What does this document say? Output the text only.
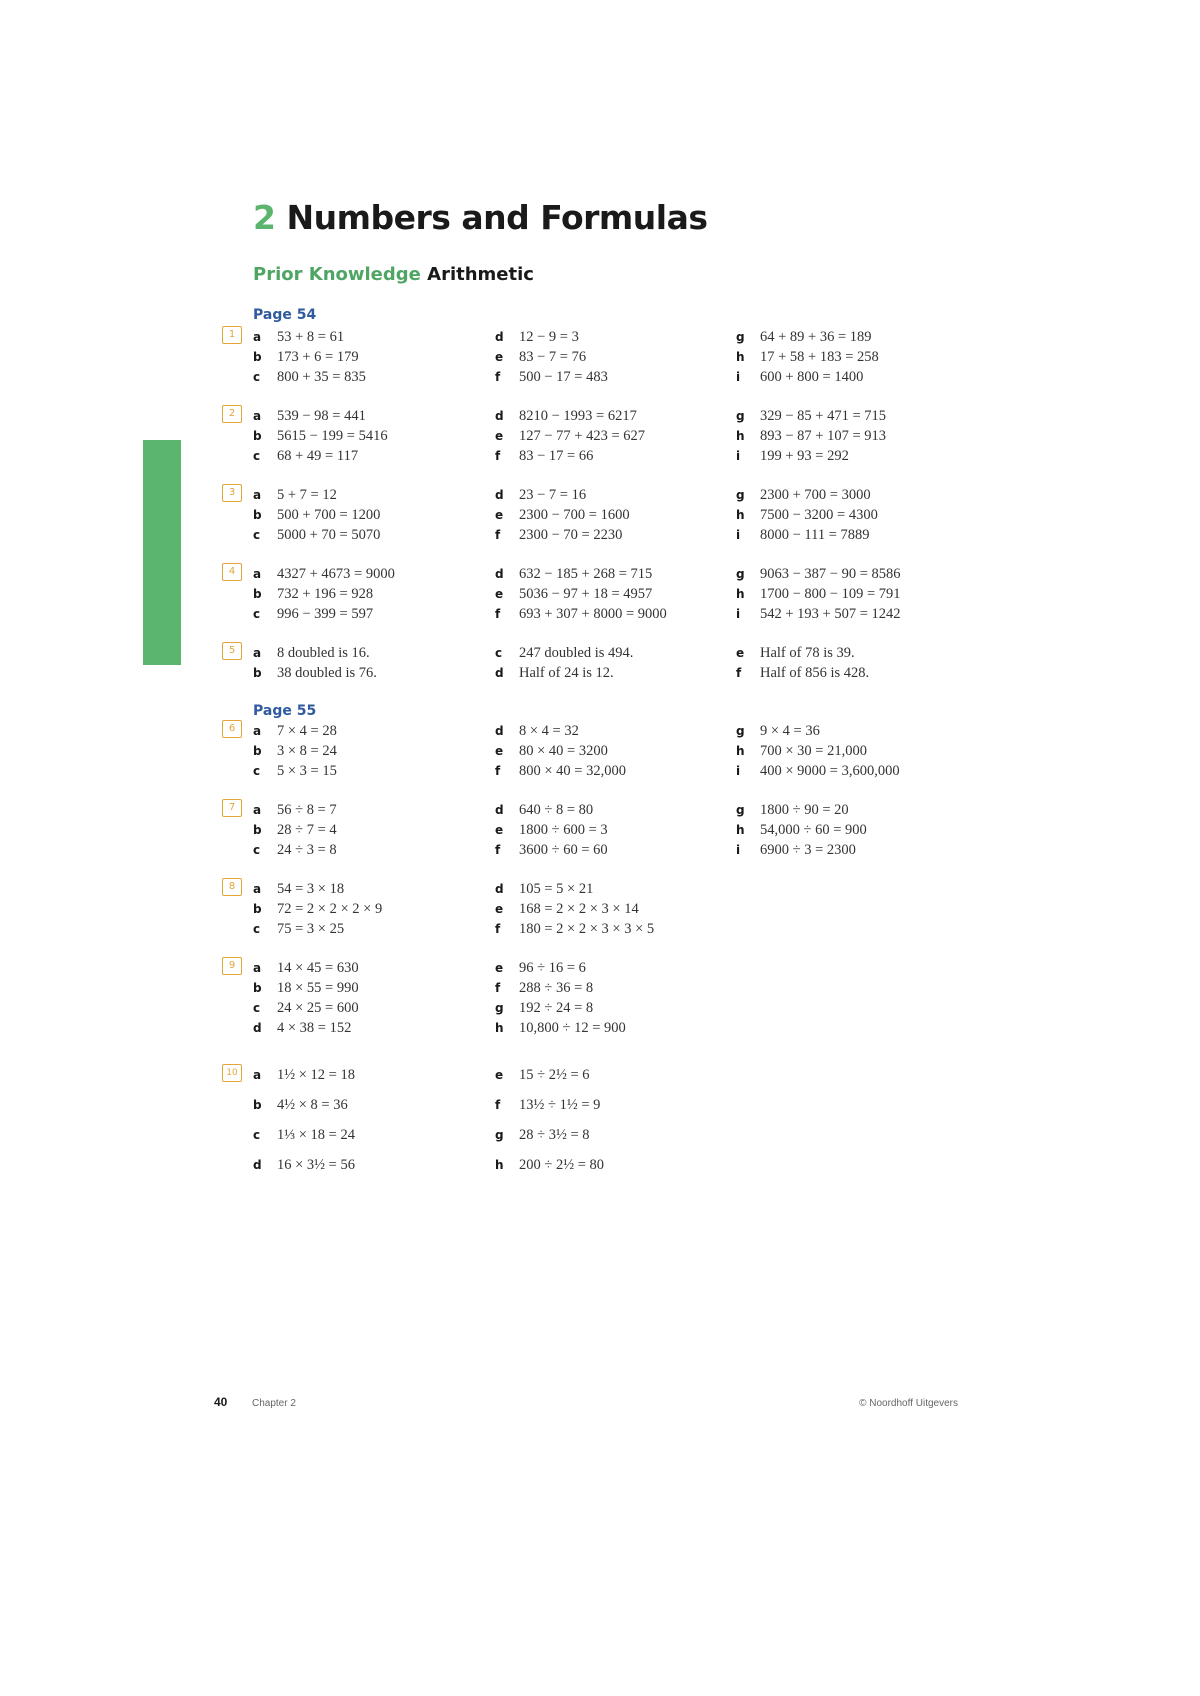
2 Numbers and Formulas
Prior Knowledge Arithmetic
Page 54
Page 55
1	a 53 + 8 = 61
b 173 + 6 = 179
c 800 + 35 = 835
d 12 − 9 = 3
e 83 − 7 = 76
f 500 − 17 = 483
g 64 + 89 + 36 = 189
h 17 + 58 + 183 = 258
i 600 + 800 = 1400
2	a 539 − 98 = 441
b 5615 − 199 = 5416
c 68 + 49 = 117
d 8210 − 1993 = 6217
e 127 − 77 + 423 = 627
f 83 − 17 = 66
g 329 − 85 + 471 = 715
h 893 − 87 + 107 = 913
i 199 + 93 = 292
3	a 5 + 7 = 12
b 500 + 700 = 1200
c 5000 + 70 = 5070
d 23 − 7 = 16
e 2300 − 700 = 1600
f 2300 − 70 = 2230
g 2300 + 700 = 3000
h 7500 − 3200 = 4300
i 8000 − 111 = 7889
4	a 4327 + 4673 = 9000
b 732 + 196 = 928
c 996 − 399 = 597
d 632 − 185 + 268 = 715
e 5036 − 97 + 18 = 4957
f 693 + 307 + 8000 = 9000
g 9063 − 387 − 90 = 8586
h 1700 − 800 − 109 = 791
i 542 + 193 + 507 = 1242
5	a 8 doubled is 16.
b 38 doubled is 76.
c 247 doubled is 494.
d Half of 24 is 12.
e Half of 78 is 39.
f Half of 856 is 428.
6	a 7 × 4 = 28
b 3 × 8 = 24
c 5 × 3 = 15
d 8 × 4 = 32
e 80 × 40 = 3200
f 800 × 40 = 32,000
g 9 × 4 = 36
h 700 × 30 = 21,000
i 400 × 9000 = 3,600,000
7	a 56 ÷ 8 = 7
b 28 ÷ 7 = 4
c 24 ÷ 3 = 8
d 640 ÷ 8 = 80
e 1800 ÷ 600 = 3
f 3600 ÷ 60 = 60
g 1800 ÷ 90 = 20
h 54,000 ÷ 60 = 900
i 6900 ÷ 3 = 2300
8	a 54 = 3 × 18
b 72 = 2 × 2 × 2 × 9
c 75 = 3 × 25
d 105 = 5 × 21
e 168 = 2 × 2 × 3 × 14
f 180 = 2 × 2 × 3 × 3 × 5
9	a 14 × 45 = 630
b 18 × 55 = 990
c 24 × 25 = 600
d 4 × 38 = 152
e 96 ÷ 16 = 6
f 288 ÷ 36 = 8
g 192 ÷ 24 = 8
h 10,800 ÷ 12 = 900
10	a 1½ × 12 = 18
b 4½ × 8 = 36
c 1⅓ × 18 = 24
d 16 × 3½ = 56
e 15 ÷ 2½ = 6
f 13½ ÷ 1½ = 9
g 28 ÷ 3½ = 8
h 200 ÷ 2½ = 80
40 Chapter 2	© Noordhoff Uitgevers
